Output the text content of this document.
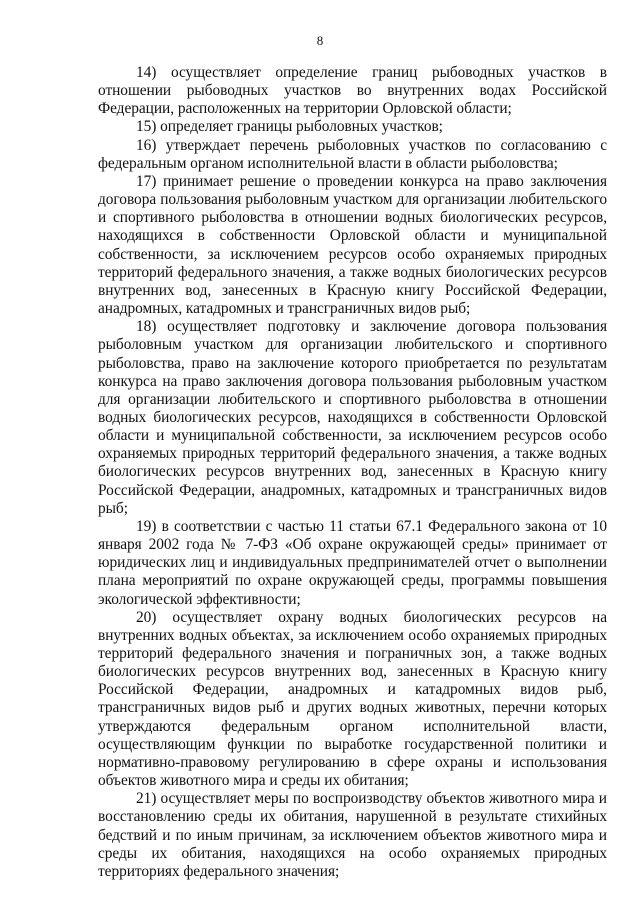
8

14) осуществляет определение границ рыбоводных участков в отношении рыбоводных участков во внутренних водах Российской Федерации, расположенных на территории Орловской области;

15) определяет границы рыболовных участков;

16) утверждает перечень рыболовных участков по согласованию с федеральным органом исполнительной власти в области рыболовства;

17) принимает решение о проведении конкурса на право заключения договора пользования рыболовным участком для организации любительского и спортивного рыболовства в отношении водных биологических ресурсов, находящихся в собственности Орловской области и муниципальной собственности, за исключением ресурсов особо охраняемых природных территорий федерального значения, а также водных биологических ресурсов внутренних вод, занесенных в Красную книгу Российской Федерации, анадромных, катадромных и трансграничных видов рыб;

18) осуществляет подготовку и заключение договора пользования рыболовным участком для организации любительского и спортивного рыболовства, право на заключение которого приобретается по результатам конкурса на право заключения договора пользования рыболовным участком для организации любительского и спортивного рыболовства в отношении водных биологических ресурсов, находящихся в собственности Орловской области и муниципальной собственности, за исключением ресурсов особо охраняемых природных территорий федерального значения, а также водных биологических ресурсов внутренних вод, занесенных в Красную книгу Российской Федерации, анадромных, катадромных и трансграничных видов рыб;

19) в соответствии с частью 11 статьи 67.1 Федерального закона от 10 января 2002 года № 7-ФЗ «Об охране окружающей среды» принимает от юридических лиц и индивидуальных предпринимателей отчет о выполнении плана мероприятий по охране окружающей среды, программы повышения экологической эффективности;

20) осуществляет охрану водных биологических ресурсов на внутренних водных объектах, за исключением особо охраняемых природных территорий федерального значения и пограничных зон, а также водных биологических ресурсов внутренних вод, занесенных в Красную книгу Российской Федерации, анадромных и катадромных видов рыб, трансграничных видов рыб и других водных животных, перечни которых утверждаются федеральным органом исполнительной власти, осуществляющим функции по выработке государственной политики и нормативно-правовому регулированию в сфере охраны и использования объектов животного мира и среды их обитания;

21) осуществляет меры по воспроизводству объектов животного мира и восстановлению среды их обитания, нарушенной в результате стихийных бедствий и по иным причинам, за исключением объектов животного мира и среды их обитания, находящихся на особо охраняемых природных территориях федерального значения;
